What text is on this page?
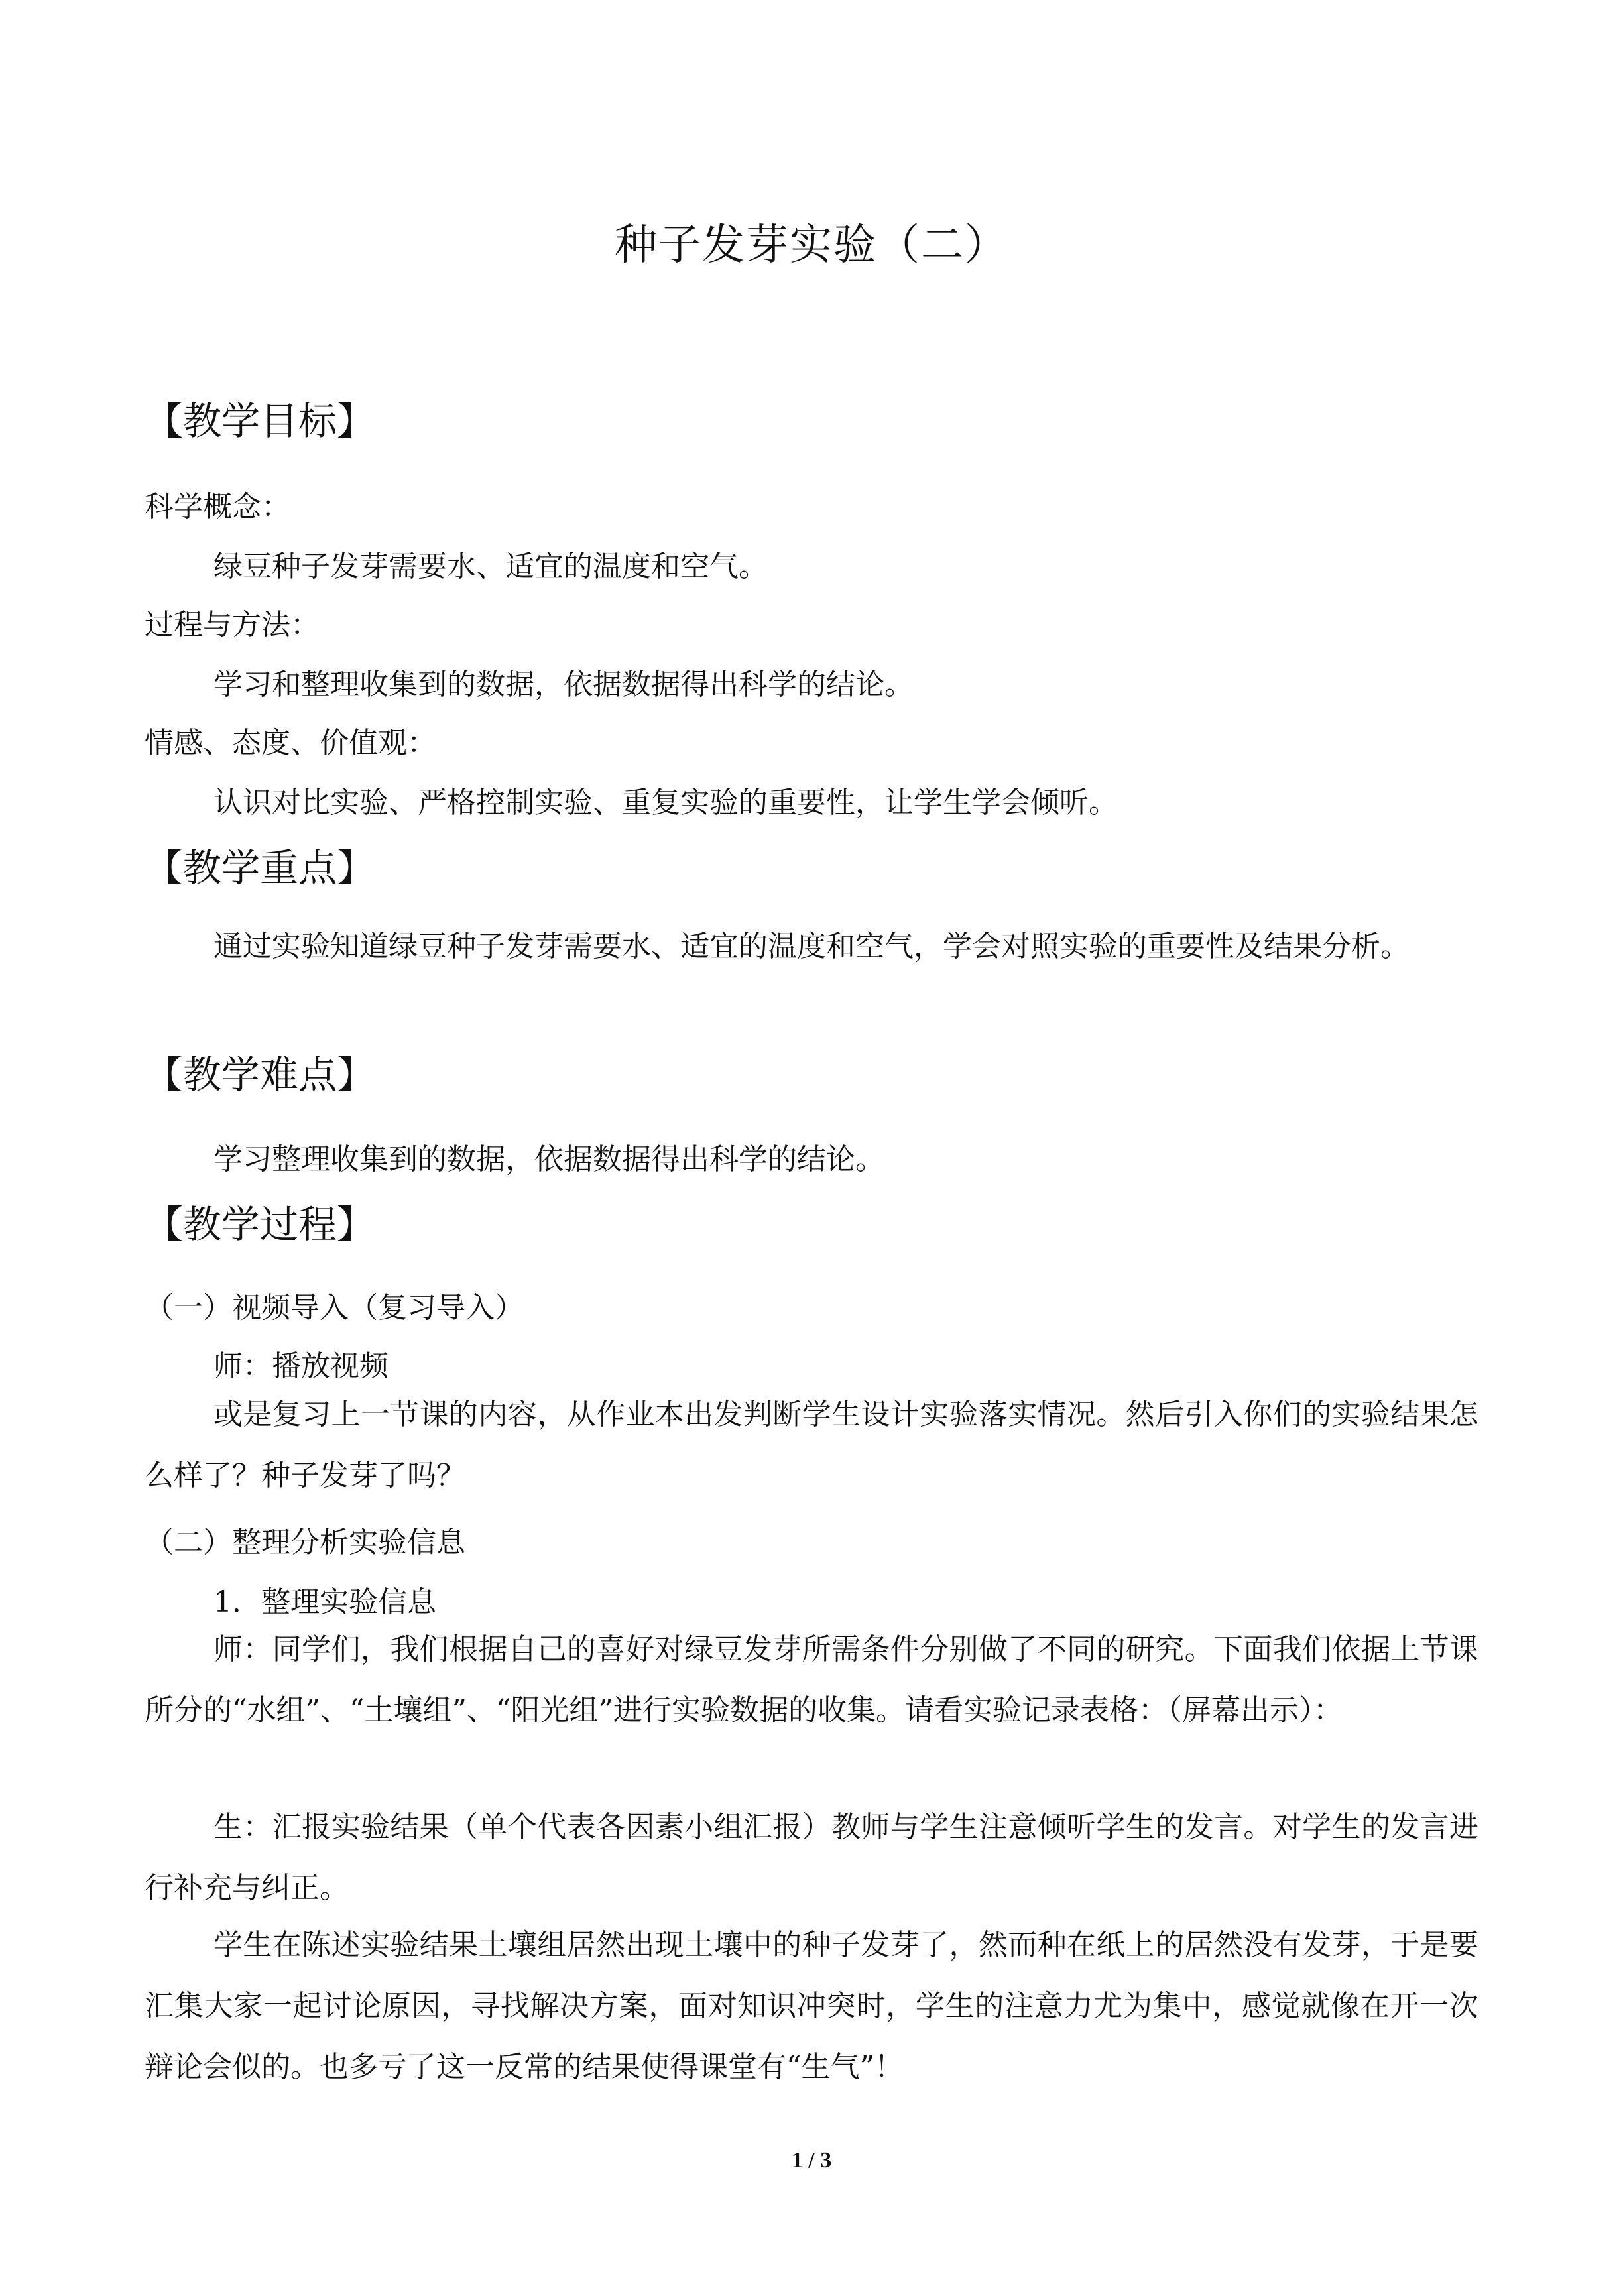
种子发芽实验（二）
【教学目标】
科学概念：
绿豆种子发芽需要水、适宜的温度和空气。
过程与方法：
学习和整理收集到的数据，依据数据得出科学的结论。
情感、态度、价值观：
认识对比实验、严格控制实验、重复实验的重要性，让学生学会倾听。
【教学重点】
通过实验知道绿豆种子发芽需要水、适宜的温度和空气，学会对照实验的重要性及结果分析。
【教学难点】
学习整理收集到的数据，依据数据得出科学的结论。
【教学过程】
（一）视频导入（复习导入）
师：播放视频
或是复习上一节课的内容，从作业本出发判断学生设计实验落实情况。然后引入你们的实验结果怎么样了？种子发芽了吗？
（二）整理分析实验信息
1．整理实验信息
师：同学们，我们根据自己的喜好对绿豆发芽所需条件分别做了不同的研究。下面我们依据上节课所分的“水组”、“土壤组”、“阳光组”进行实验数据的收集。请看实验记录表格：（屏幕出示）：
生：汇报实验结果（单个代表各因素小组汇报）教师与学生注意倾听学生的发言。对学生的发言进行补充与纠正。
学生在陈述实验结果土壤组居然出现土壤中的种子发芽了，然而种在纸上的居然没有发芽，于是要汇集大家一起讨论原因，寻找解决方案，面对知识冲突时，学生的注意力尤为集中，感觉就像在开一次辩论会似的。也多亏了这一反常的结果使得课堂有“生气”！
1 / 3
